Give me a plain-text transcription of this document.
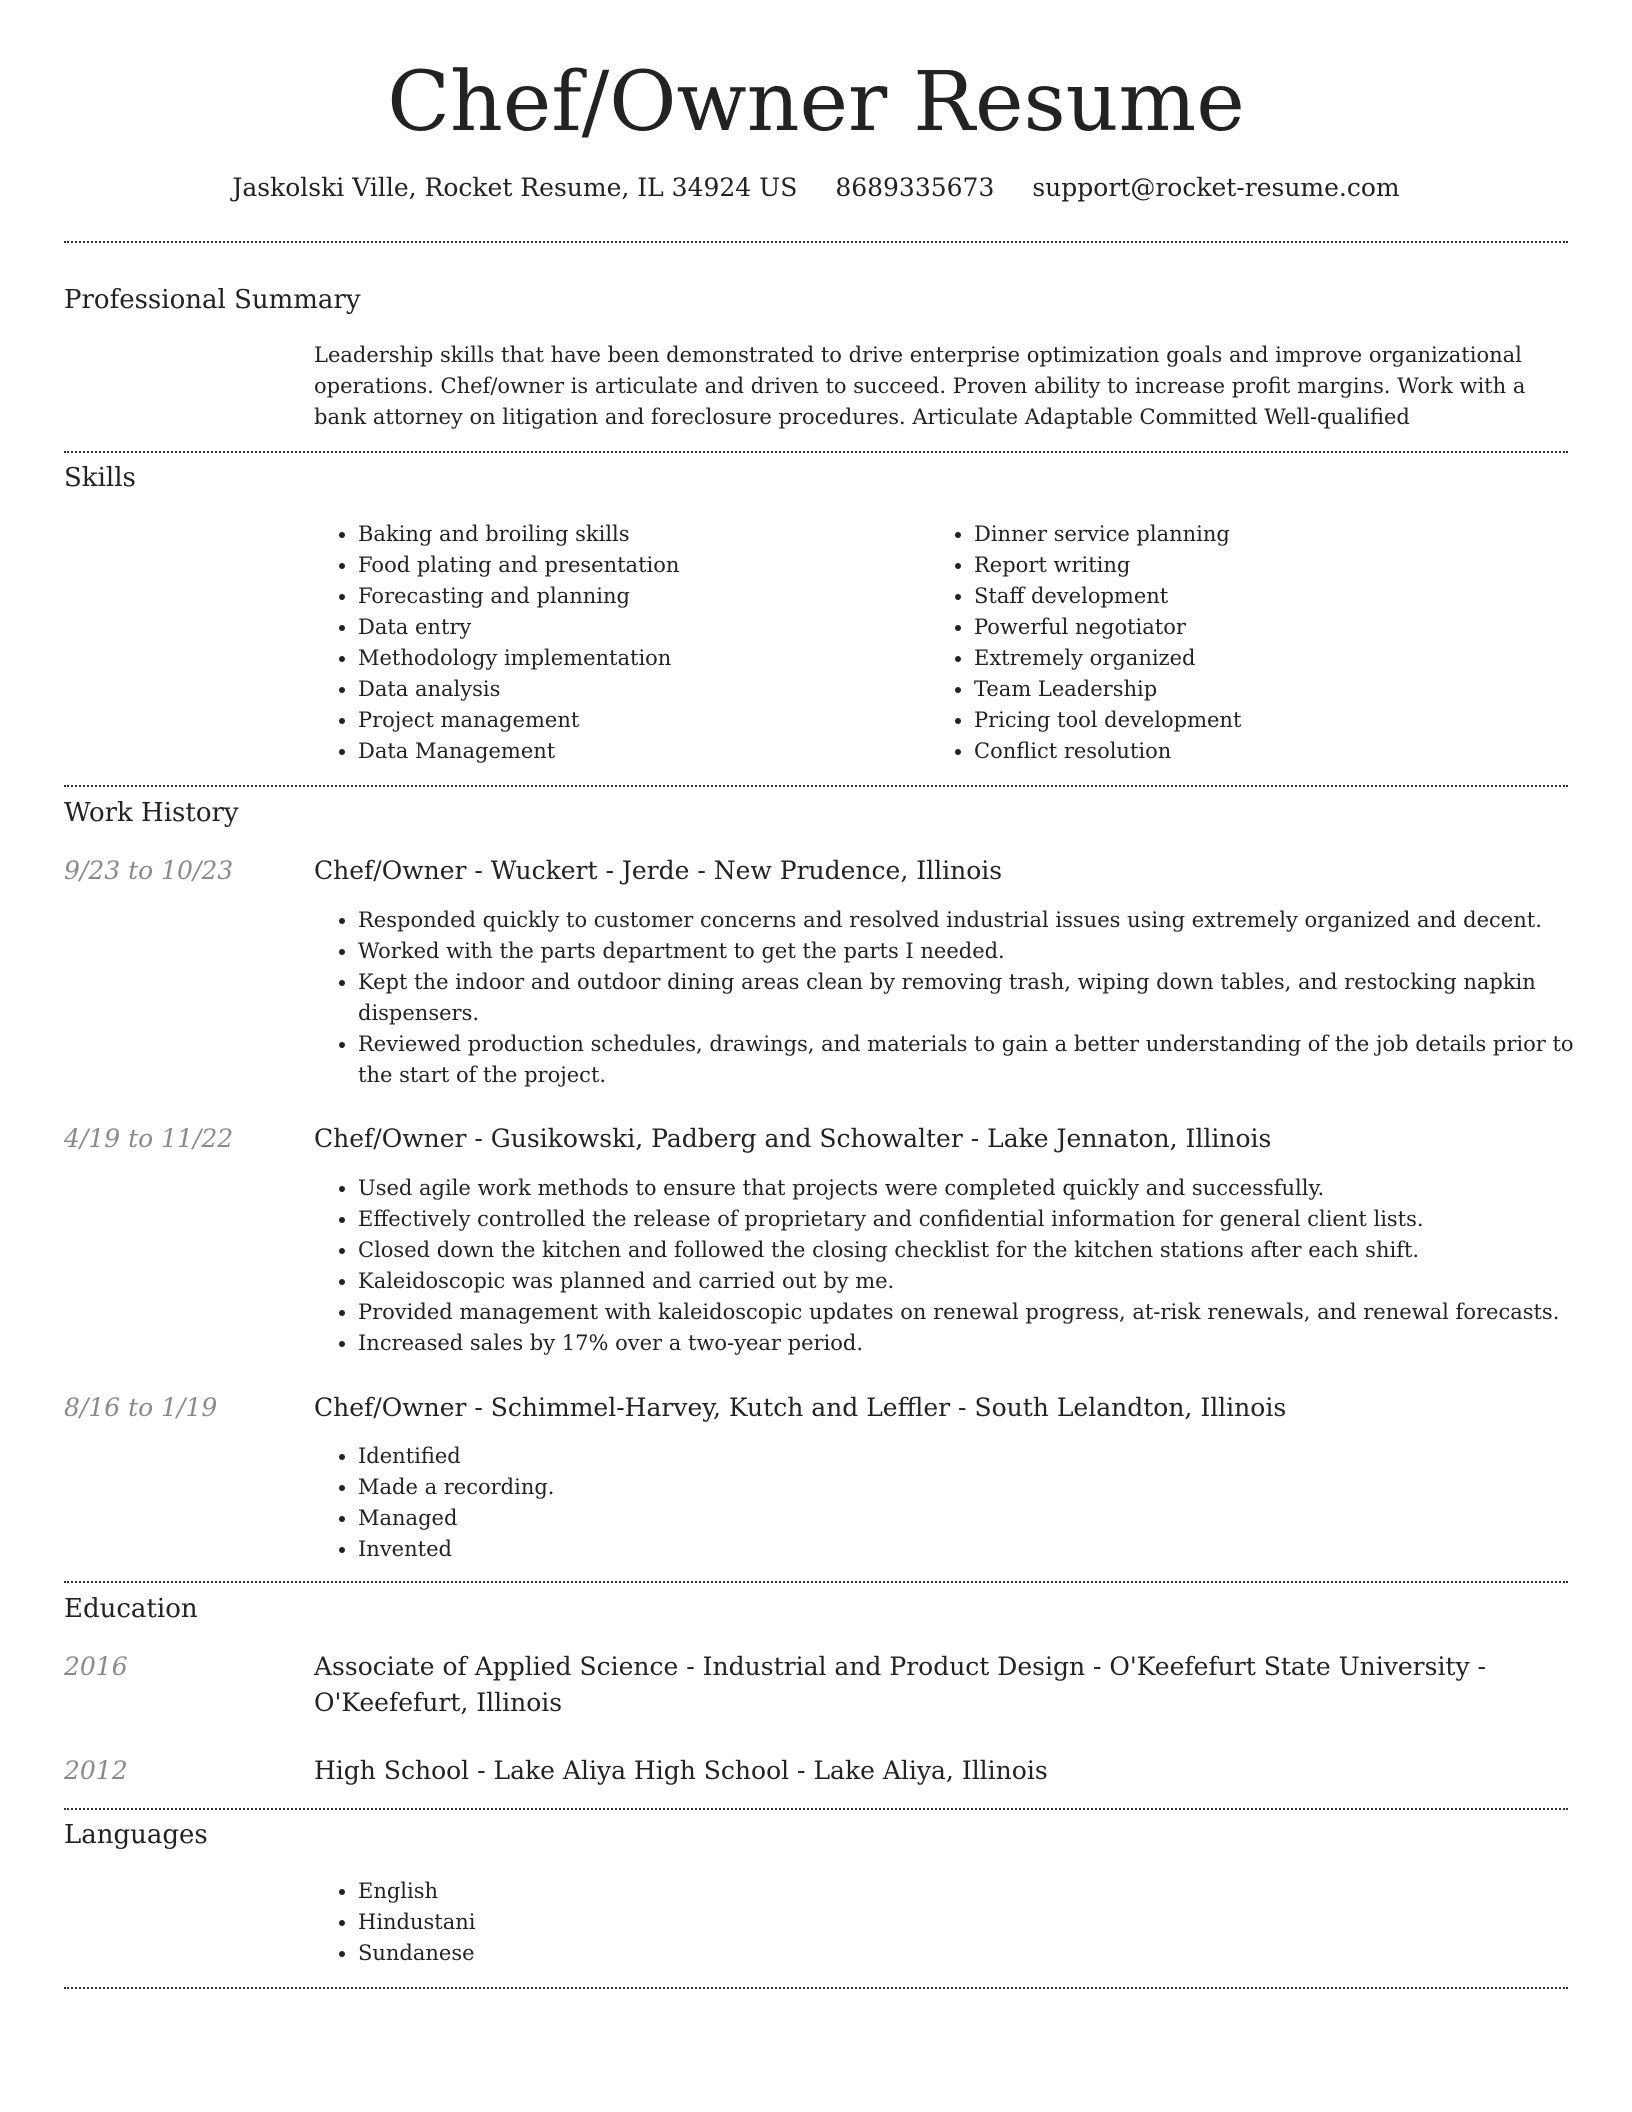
Chef/Owner Resume
Jaskolski Ville, Rocket Resume, IL 34924 US 8689335673 support@rocket-resume.com
Professional Summary

Leadership skills that have been demonstrated to drive enterprise optimization goals and improve organizational operations. Chef/owner is articulate and driven to succeed. Proven ability to increase profit margins. Work with a bank attorney on litigation and foreclosure procedures. Articulate Adaptable Committed Well-qualified

Skills
• Baking and broiling skills
• Food plating and presentation
• Forecasting and planning
• Data entry
• Methodology implementation
• Data analysis
• Project management
• Data Management
• Dinner service planning
• Report writing
• Staff development
• Powerful negotiator
• Extremely organized
• Team Leadership
• Pricing tool development
• Conflict resolution
Work History
9/23 to 10/23	Chef/Owner - Wuckert - Jerde - New Prudence, Illinois
• Responded quickly to customer concerns and resolved industrial issues using extremely organized and decent.
• Worked with the parts department to get the parts I needed.
• Kept the indoor and outdoor dining areas clean by removing trash, wiping down tables, and restocking napkin dispensers.
• Reviewed production schedules, drawings, and materials to gain a better understanding of the job details prior to the start of the project.
4/19 to 11/22	Chef/Owner - Gusikowski, Padberg and Schowalter - Lake Jennaton, Illinois
• Used agile work methods to ensure that projects were completed quickly and successfully.
• Effectively controlled the release of proprietary and confidential information for general client lists.
• Closed down the kitchen and followed the closing checklist for the kitchen stations after each shift.
• Kaleidoscopic was planned and carried out by me.
• Provided management with kaleidoscopic updates on renewal progress, at-risk renewals, and renewal forecasts.
• Increased sales by 17% over a two-year period.
8/16 to 1/19	Chef/Owner - Schimmel-Harvey, Kutch and Leffler - South Lelandton, Illinois
• Identified
• Made a recording.
• Managed
• Invented
Education
2016	Associate of Applied Science - Industrial and Product Design - O'Keefefurt State University - O'Keefefurt, Illinois
2012	High School - Lake Aliya High School - Lake Aliya, Illinois
Languages
• English
• Hindustani
• Sundanese
